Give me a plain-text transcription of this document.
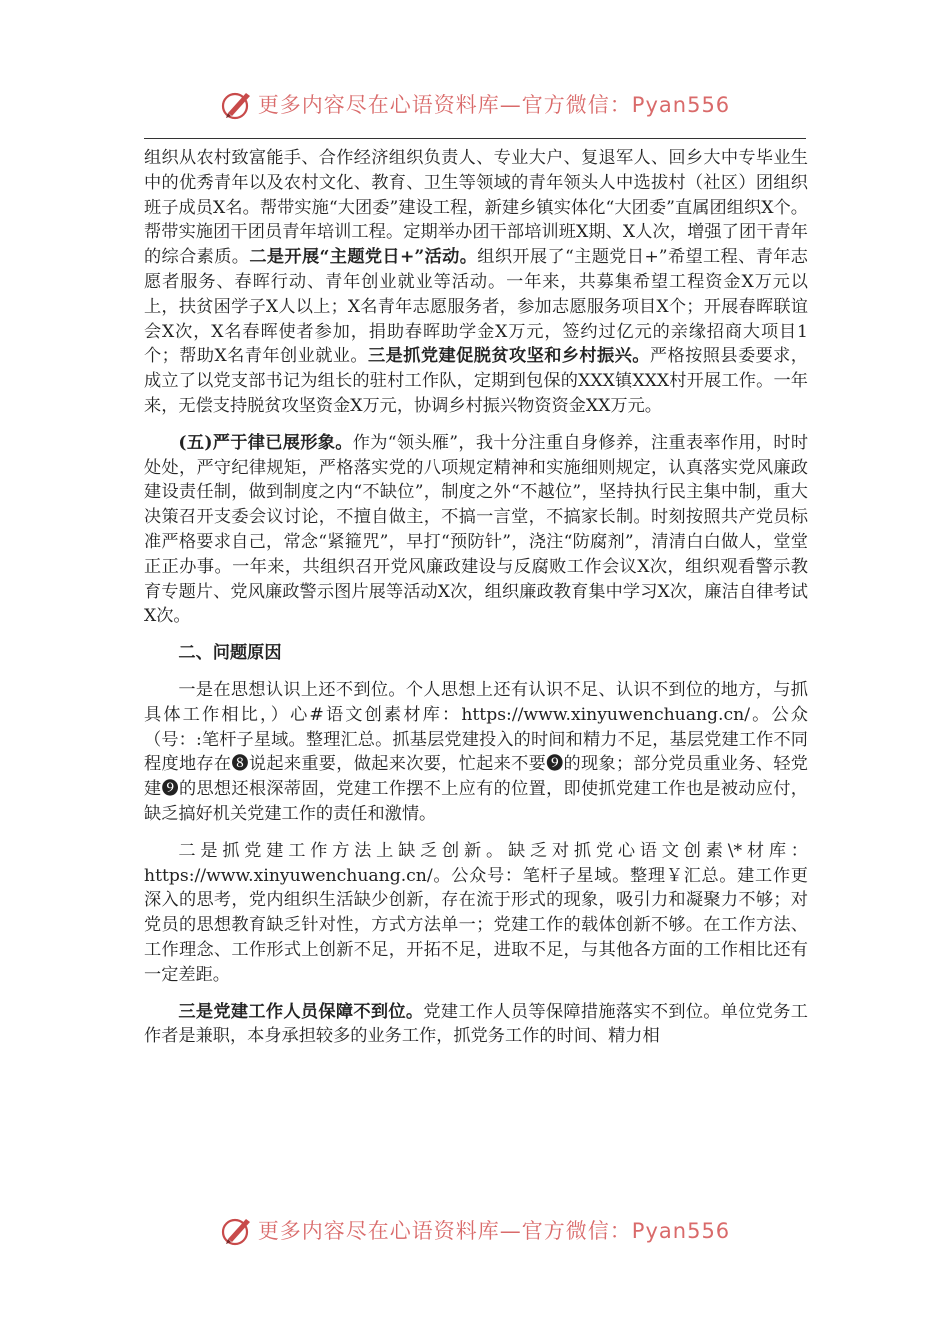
更多内容尽在心语资料库—官方微信：Pyan556

组织从农村致富能手、合作经济组织负责人、专业大户、复退军人、回乡大中专毕业生中的优秀青年以及农村文化、教育、卫生等领域的青年领头人中选拔村（社区）团组织班子成员X名。帮带实施“大团委”建设工程，新建乡镇实体化“大团委”直属团组织X个。帮带实施团干团员青年培训工程。定期举办团干部培训班X期、X人次，增强了团干青年的综合素质。二是开展“主题党日+”活动。组织开展了“主题党日+”希望工程、青年志愿者服务、春晖行动、青年创业就业等活动。一年来，共募集希望工程资金X万元以上，扶贫困学子X人以上；X名青年志愿服务者，参加志愿服务项目X个；开展春晖联谊会X次，X名春晖使者参加，捐助春晖助学金X万元，签约过亿元的亲缘招商大项目1个；帮助X名青年创业就业。三是抓党建促脱贫攻坚和乡村振兴。严格按照县委要求，成立了以党支部书记为组长的驻村工作队，定期到包保的XXX镇XXX村开展工作。一年来，无偿支持脱贫攻坚资金X万元，协调乡村振兴物资资金XX万元。

(五)严于律已展形象。作为“领头雁”，我十分注重自身修养，注重表率作用，时时处处，严守纪律规矩，严格落实党的八项规定精神和实施细则规定，认真落实党风廉政建设责任制，做到制度之内“不缺位”，制度之外“不越位”，坚持执行民主集中制，重大决策召开支委会议讨论，不擅自做主，不搞一言堂，不搞家长制。时刻按照共产党员标准严格要求自己，常念“紧箍咒”，早打“预防针”，浇注“防腐剂”，清清白白做人，堂堂正正办事。一年来，共组织召开党风廉政建设与反腐败工作会议X次，组织观看警示教育专题片、党风廉政警示图片展等活动X次，组织廉政教育集中学习X次，廉洁自律考试X次。

二、问题原因

一是在思想认识上还不到位。个人思想上还有认识不足、认识不到位的地方，与抓具体工作相比，）心#语文创素材库：https://www.xinyuwenchuang.cn/。公众（号：:笔杆子星域。整理汇总。抓基层党建投入的时间和精力不足，基层党建工作不同程度地存在❽说起来重要，做起来次要，忙起来不要❾的现象；部分党员重业务、轻党建❾的思想还根深蒂固，党建工作摆不上应有的位置，即使抓党建工作也是被动应付，缺乏搞好机关党建工作的责任和激情。

二是抓党建工作方法上缺乏创新。缺乏对抓党心语文创素\*材库：https://www.xinyuwenchuang.cn/。公众号：笔杆子星域。整理￥汇总。建工作更深入的思考，党内组织生活缺少创新，存在流于形式的现象，吸引力和凝聚力不够；对党员的思想教育缺乏针对性，方式方法单一；党建工作的载体创新不够。在工作方法、工作理念、工作形式上创新不足，开拓不足，进取不足，与其他各方面的工作相比还有一定差距。

三是党建工作人员保障不到位。党建工作人员等保障措施落实不到位。单位党务工作者是兼职，本身承担较多的业务工作，抓党务工作的时间、精力相

更多内容尽在心语资料库—官方微信：Pyan556
